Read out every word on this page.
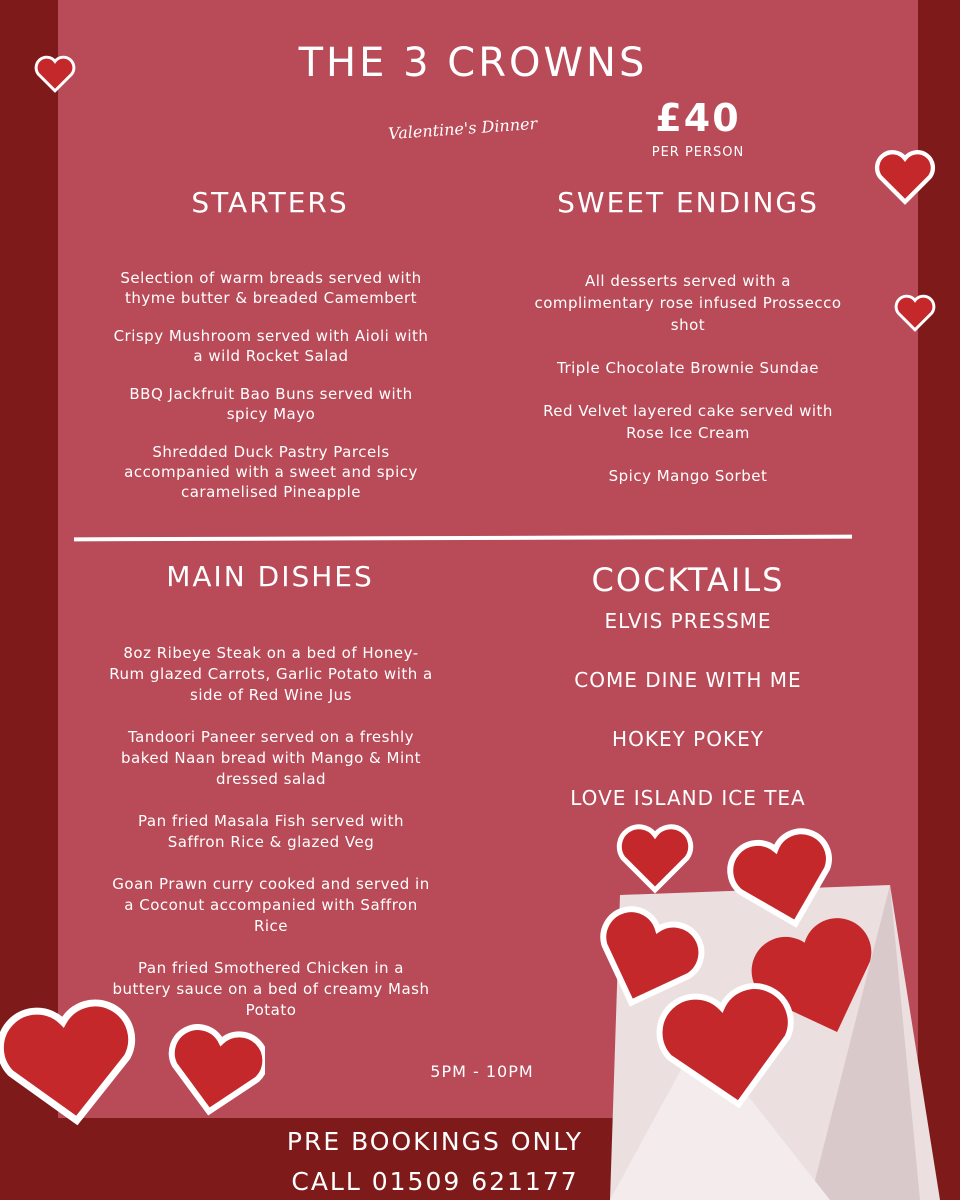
THE 3 CROWNS
Valentine's Dinner	£40
PER PERSON
STARTERS
Selection of warm breads served with thyme butter & breaded Camembert
Crispy Mushroom served with Aioli with a wild Rocket Salad
BBQ Jackfruit Bao Buns served with spicy Mayo
Shredded Duck Pastry Parcels accompanied with a sweet and spicy caramelised Pineapple
SWEET ENDINGS
All desserts served with a complimentary rose infused Prossecco shot
Triple Chocolate Brownie Sundae
Red Velvet layered cake served with Rose Ice Cream
Spicy Mango Sorbet
MAIN DISHES
8oz Ribeye Steak on a bed of Honey-Rum glazed Carrots, Garlic Potato with a side of Red Wine Jus
Tandoori Paneer served on a freshly baked Naan bread with Mango & Mint dressed salad
Pan fried Masala Fish served with Saffron Rice & glazed Veg
Goan Prawn curry cooked and served in a Coconut accompanied with Saffron Rice
Pan fried Smothered Chicken in a buttery sauce on a bed of creamy Mash Potato
COCKTAILS
ELVIS PRESSME
COME DINE WITH ME
HOKEY POKEY
LOVE ISLAND ICE TEA
5PM - 10PM
PRE BOOKINGS ONLY
CALL 01509 621177
